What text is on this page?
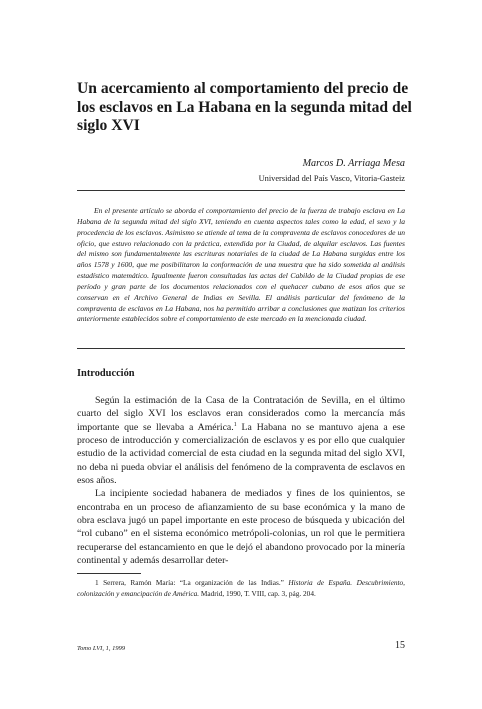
Un acercamiento al comportamiento del precio de los esclavos en La Habana en la segunda mitad del siglo XVI
Marcos D. Arriaga Mesa
Universidad del País Vasco, Vitoria-Gasteiz

En el presente artículo se aborda el comportamiento del precio de la fuerza de trabajo esclava en La Habana de la segunda mitad del siglo XVI, teniendo en cuenta aspectos tales como la edad, el sexo y la procedencia de los esclavos. Asimismo se atiende al tema de la compraventa de esclavos conocedores de un oficio, que estuvo relacionado con la práctica, extendida por la Ciudad, de alquilar esclavos. Las fuentes del mismo son fundamentalmente las escrituras notariales de la ciudad de La Habana surgidas entre los años 1578 y 1600, que me posibilitaron la conformación de una muestra que ha sido sometida al análisis estadístico matemático. Igualmente fueron consultadas las actas del Cabildo de la Ciudad propias de ese período y gran parte de los documentos relacionados con el quehacer cubano de esos años que se conservan en el Archivo General de Indias en Sevilla. El análisis particular del fenómeno de la compraventa de esclavos en La Habana, nos ha permitido arribar a conclusiones que matizan los criterios anteriormente establecidos sobre el comportamiento de este mercado en la mencionada ciudad.

Introducción

Según la estimación de la Casa de la Contratación de Sevilla, en el último cuarto del siglo XVI los esclavos eran considerados como la mercancía más importante que se llevaba a América.$^1$ La Habana no se mantuvo ajena a ese proceso de introducción y comercialización de esclavos y es por ello que cualquier estudio de la actividad comercial de esta ciudad en la segunda mitad del siglo XVI, no deba ni pueda obviar el análisis del fenómeno de la compraventa de esclavos en esos años.

La incipiente sociedad habanera de mediados y fines de los quinientos, se encontraba en un proceso de afianzamiento de su base económica y la mano de obra esclava jugó un papel importante en este proceso de búsqueda y ubicación del “rol cubano” en el sistema económico metrópoli-colonias, un rol que le permitiera recuperarse del estancamiento en que le dejó el abandono provocado por la minería continental y además desarrollar deter-

1 Serrera, Ramón María: “La organización de las Indias.” Historia de España. Descubrimiento, colonización y emancipación de América. Madrid, 1990, T. VIII, cap. 3, pág. 204.

Tomo LVI, 1, 1999	15
